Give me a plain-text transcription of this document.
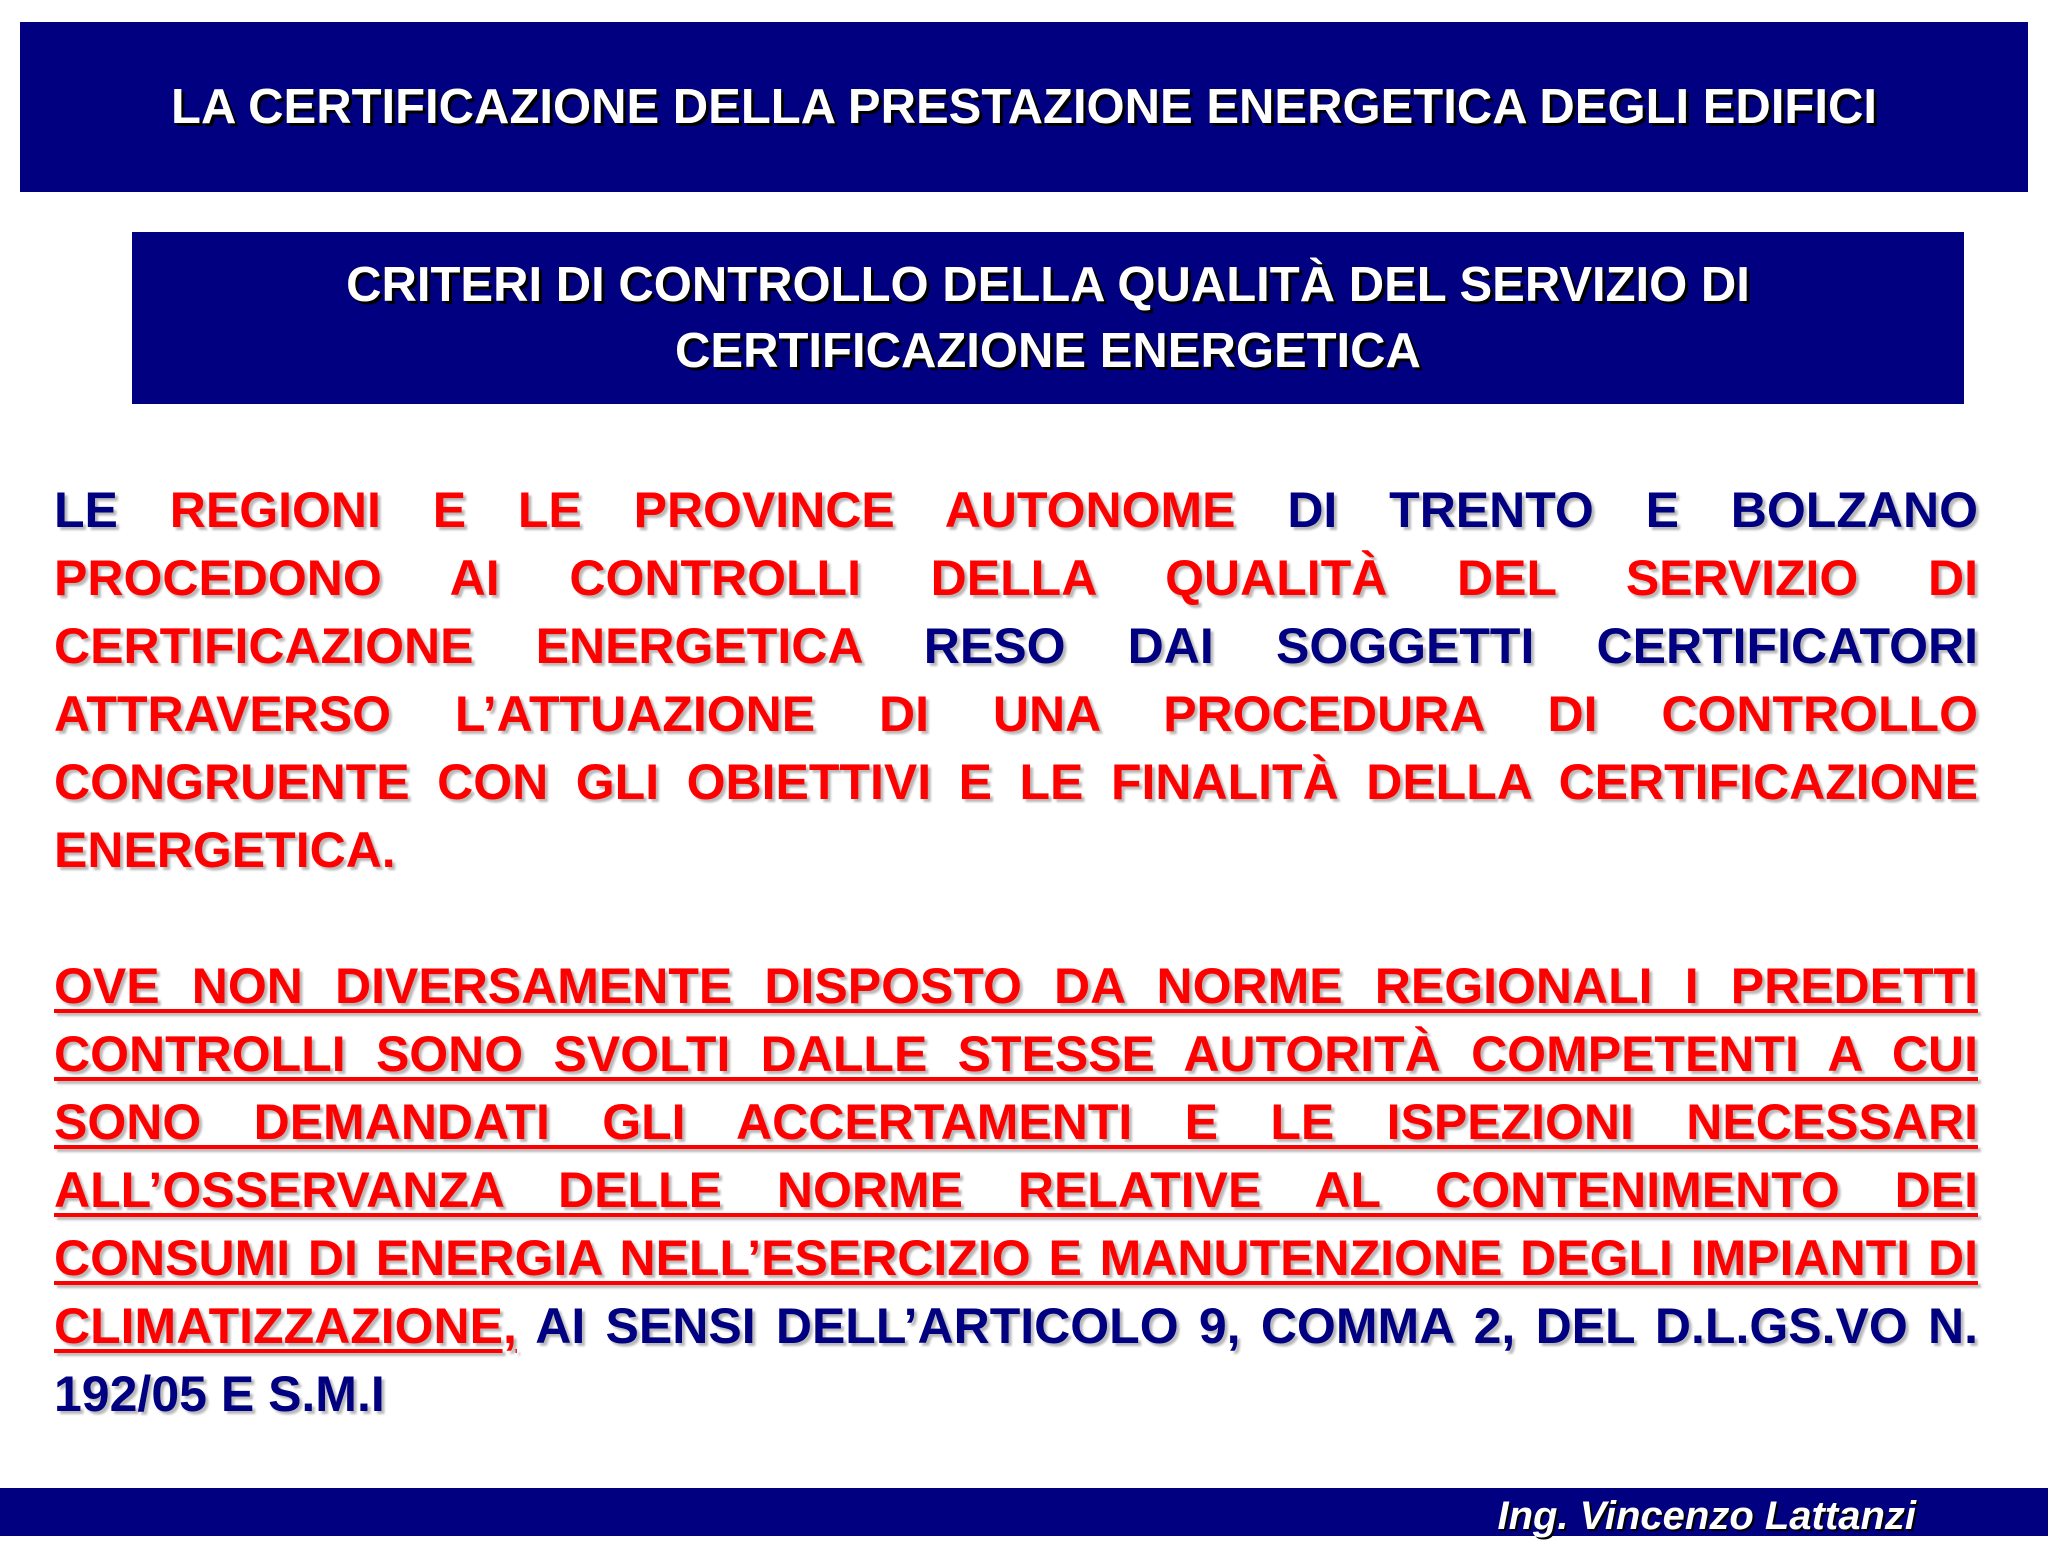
LA CERTIFICAZIONE DELLA PRESTAZIONE ENERGETICA DEGLI EDIFICI
CRITERI DI CONTROLLO DELLA QUALITÀ DEL SERVIZIO DI CERTIFICAZIONE ENERGETICA

LE REGIONI E LE PROVINCE AUTONOME DI TRENTO E BOLZANO PROCEDONO AI CONTROLLI DELLA QUALITÀ DEL SERVIZIO DI CERTIFICAZIONE ENERGETICA RESO DAI SOGGETTI CERTIFICATORI ATTRAVERSO L’ATTUAZIONE DI UNA PROCEDURA DI CONTROLLO CONGRUENTE CON GLI OBIETTIVI E LE FINALITÀ DELLA CERTIFICAZIONE ENERGETICA.

OVE NON DIVERSAMENTE DISPOSTO DA NORME REGIONALI I PREDETTI CONTROLLI SONO SVOLTI DALLE STESSE AUTORITÀ COMPETENTI A CUI SONO DEMANDATI GLI ACCERTAMENTI E LE ISPEZIONI NECESSARI ALL’OSSERVANZA DELLE NORME RELATIVE AL CONTENIMENTO DEI CONSUMI DI ENERGIA NELL’ESERCIZIO E MANUTENZIONE DEGLI IMPIANTI DI CLIMATIZZAZIONE, AI SENSI DELL’ARTICOLO 9, COMMA 2, DEL D.L.GS.VO N. 192/05 E S.M.I

Ing. Vincenzo Lattanzi
